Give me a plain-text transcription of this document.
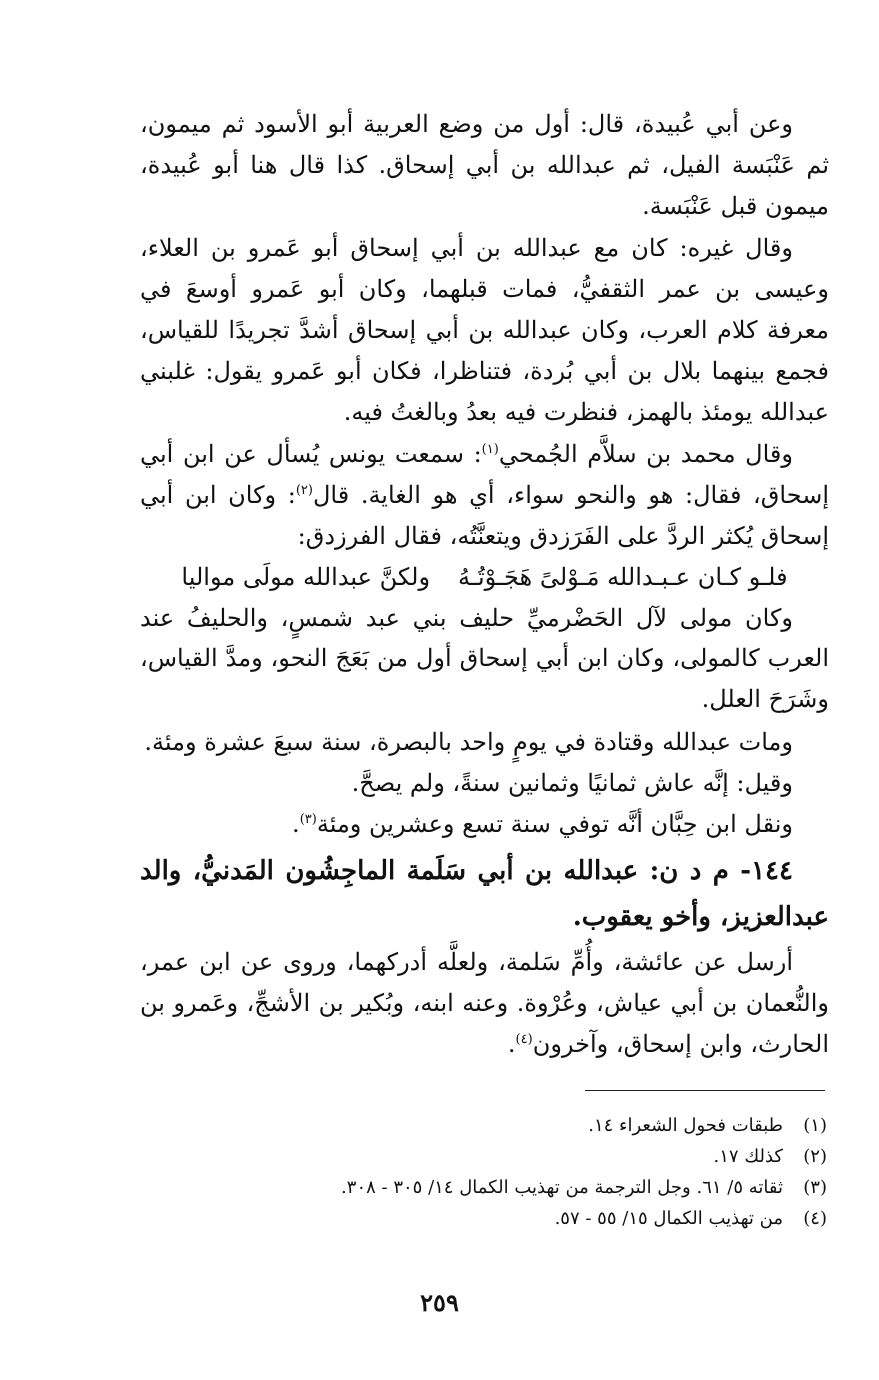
وعن أبي عُبيدة، قال: أول من وضع العربية أبو الأسود ثم ميمون، ثم عَنْبَسة الفيل، ثم عبدالله بن أبي إسحاق. كذا قال هنا أبو عُبيدة، ميمون قبل عَنْبَسة.

وقال غيره: كان مع عبدالله بن أبي إسحاق أبو عَمرو بن العلاء، وعيسى بن عمر الثقفيُّ، فمات قبلهما، وكان أبو عَمرو أوسعَ في معرفة كلام العرب، وكان عبدالله بن أبي إسحاق أشدَّ تجريدًا للقياس، فجمع بينهما بلال بن أبي بُردة، فتناظرا، فكان أبو عَمرو يقول: غلبني عبدالله يومئذ بالهمز، فنظرت فيه بعدُ وبالغتُ فيه.

وقال محمد بن سلاَّم الجُمحي$^{(١)}$: سمعت يونس يُسأل عن ابن أبي إسحاق، فقال: هو والنحو سواء، أي هو الغاية. قال$^{(٢)}$: وكان ابن أبي إسحاق يُكثر الردَّ على الفَرَزدق ويتعنَّتُه، فقال الفرزدق:

فلـو كـان عـبـدالله مَـوْلىً هَجَـوْتُـهُولكنَّ عبدالله مولَى مواليا

وكان مولى لآل الحَضْرميِّ حليف بني عبد شمسٍ، والحليفُ عند العرب كالمولى، وكان ابن أبي إسحاق أول من بَعَجَ النحو، ومدَّ القياس، وشَرَحَ العلل.

ومات عبدالله وقتادة في يومٍ واحد بالبصرة، سنة سبعَ عشرة ومئة.

وقيل: إنَّه عاش ثمانيًا وثمانين سنةً، ولم يصحَّ.

ونقل ابن حِبَّان أنَّه توفي سنة تسع وعشرين ومئة$^{(٣)}$.

١٤٤- م د ن: عبدالله بن أبي سَلَمة الماجِشُون المَدنيُّ، والد عبدالعزيز، وأخو يعقوب.

أرسل عن عائشة، وأُمِّ سَلمة، ولعلَّه أدركهما، وروى عن ابن عمر، والنُّعمان بن أبي عياش، وعُرْوة. وعنه ابنه، وبُكير بن الأشجِّ، وعَمرو بن الحارث، وابن إسحاق، وآخرون$^{(٤)}$.

(١)طبقات فحول الشعراء ١٤.

(٢)كذلك ١٧.

(٣)ثقاته ٥/ ٦١. وجل الترجمة من تهذيب الكمال ١٤/ ٣٠٥ - ٣٠٨.

(٤)من تهذيب الكمال ١٥/ ٥٥ - ٥٧.

٢٥٩
